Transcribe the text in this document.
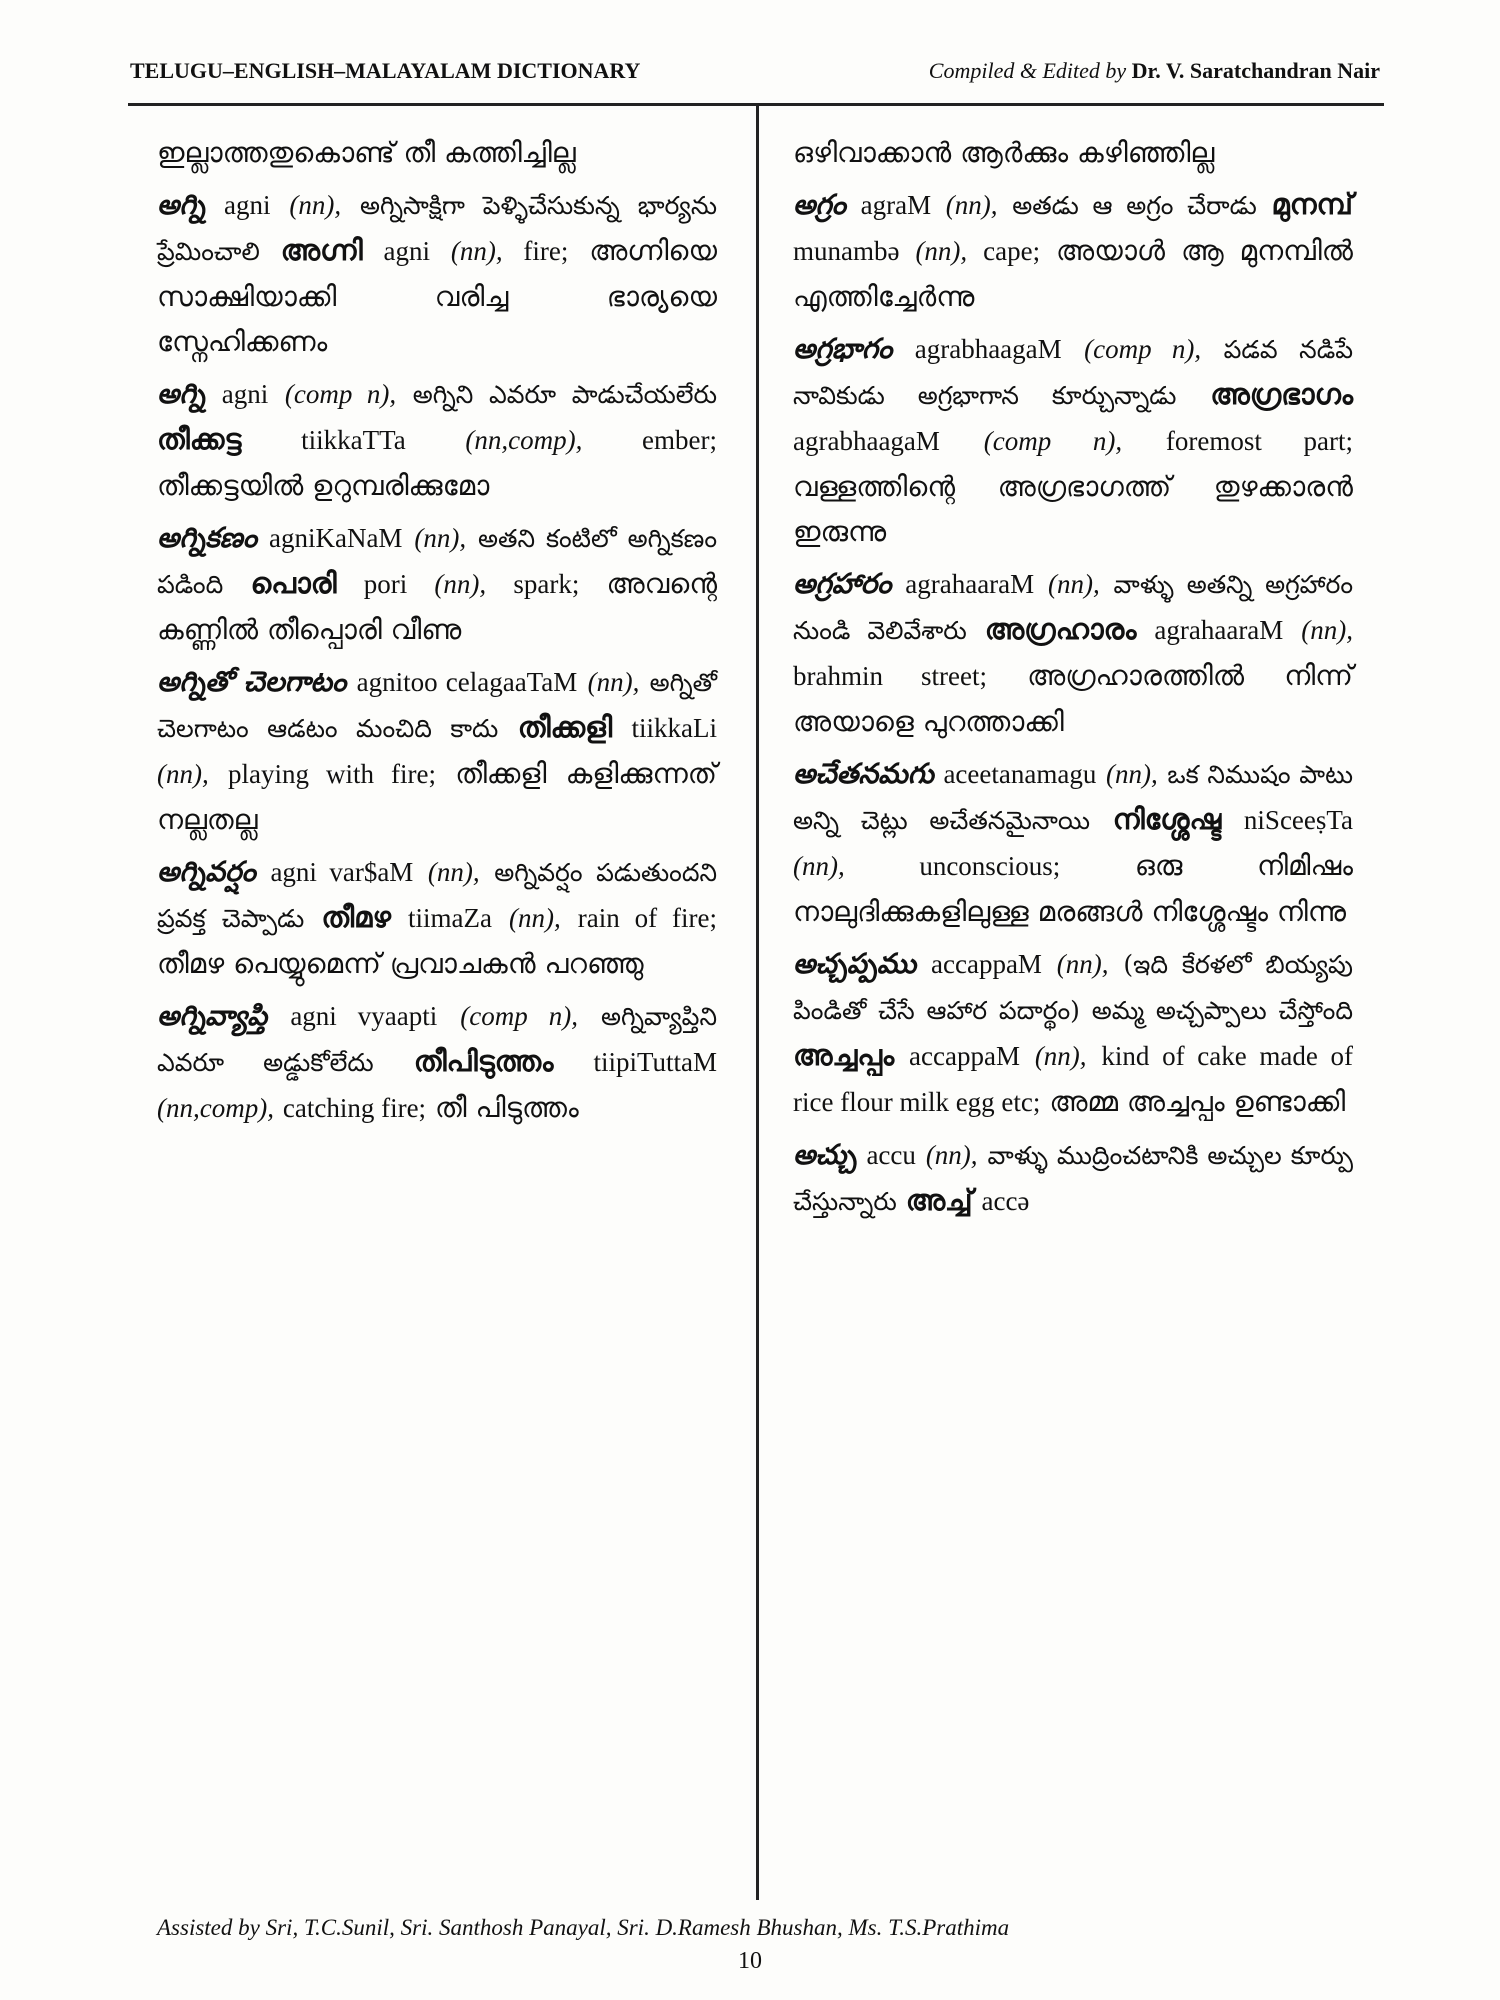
TELUGU–ENGLISH–MALAYALAM DICTIONARY	Compiled & Edited by Dr. V. Saratchandran Nair

ഇല്ലാത്തതുകൊണ്ട് തീ കത്തിച്ചില്ല

అగ్ని agni (nn), అగ్నిసాక్షిగా పెళ్ళిచేసుకున్న భార్యను ప్రేమించాలి അഗ്നി agni (nn), fire; അഗ്നിയെ സാക്ഷിയാക്കി വരിച്ച ഭാര്യയെ സ്നേഹിക്കണം

అగ్ని agni (comp n), అగ్నిని ఎవరూ పాడుచేయలేరు തീക്കട്ട tiikkaTTa (nn,comp), ember; തീക്കട്ടയിൽ ഉറുമ്പരിക്കുമോ

అగ్నికణం agniKaNaM (nn), అతని కంటిలో అగ్నికణం పడింది പൊരി pori (nn), spark; അവന്റെ കണ്ണിൽ തീപ്പൊരി വീണു

అగ్నితో చెలగాటం agnitoo celagaaTaM (nn), అగ్నితో చెలగాటం ఆడటం మంచిది కాదు തീക്കളി tiikkaLi (nn), playing with fire; തീക്കളി കളിക്കുന്നത് നല്ലതല്ല

అగ్నివర్షం agni var$aM (nn), అగ్నివర్షం పడుతుందని ప్రవక్త చెప్పాడు തീമഴ tiimaZa (nn), rain of fire; തീമഴ പെയ്യുമെന്ന് പ്രവാചകൻ പറഞ്ഞു

అగ్నివ్యాప్తి agni vyaapti (comp n), అగ్నివ్యాప్తిని ఎవరూ అడ్డుకోలేదు തീപിടുത്തം tiipiTuttaM (nn,comp), catching fire; തീ പിടുത്തം

ഒഴിവാക്കാൻ ആർക്കും കഴിഞ്ഞില്ല

అగ్రం agraM (nn), అతడు ఆ అగ్రం చేరాడు മുനമ്പ് munambə (nn), cape; അയാൾ ആ മുനമ്പിൽ എത്തിച്ചേർന്നു

అగ్రభాగం agrabhaagaM (comp n), పడవ నడిపే నావికుడు అగ్రభాగాన కూర్చున్నాడు അഗ്രഭാഗം agrabhaagaM (comp n), foremost part; വള്ളത്തിന്റെ അഗ്രഭാഗത്ത് തുഴക്കാരൻ ഇരുന്നു

అగ్రహారం agrahaaraM (nn), వాళ్ళు అతన్ని అగ్రహారం నుండి వెలివేశారు അഗ്രഹാരം agrahaaraM (nn), brahmin street; അഗ്രഹാരത്തിൽ നിന്ന് അയാളെ പുറത്താക്കി

అచేతనమగు aceetanamagu (nn), ఒక నిముషం పాటు అన్ని చెట్లు అచేతనమైనాయి നിശ്ശേഷ്ട niSceeṣTa (nn),	unconscious;	ഒരു നിമിഷം നാലുദിക്കുകളിലുള്ള മരങ്ങൾ നിശ്ശേഷ്ടം നിന്നു

అచ్చప్పము accappaM (nn), (ఇది కేరళలో బియ్యపు పిండితో చేసే ఆహార పదార్థం) అమ్మ అచ్చప్పాలు చేస్తోంది അച്ചപ്പം accappaM (nn), kind of cake made of rice flour milk egg etc; അമ്മ അച്ചപ്പം ഉണ്ടാക്കി

అచ్చు accu (nn), వాళ్ళు ముద్రించటానికి అచ్చుల కూర్పు చేస్తున్నారు അച്ച് accə

Assisted by Sri, T.C.Sunil, Sri. Santhosh Panayal, Sri. D.Ramesh Bhushan, Ms. T.S.Prathima
10
